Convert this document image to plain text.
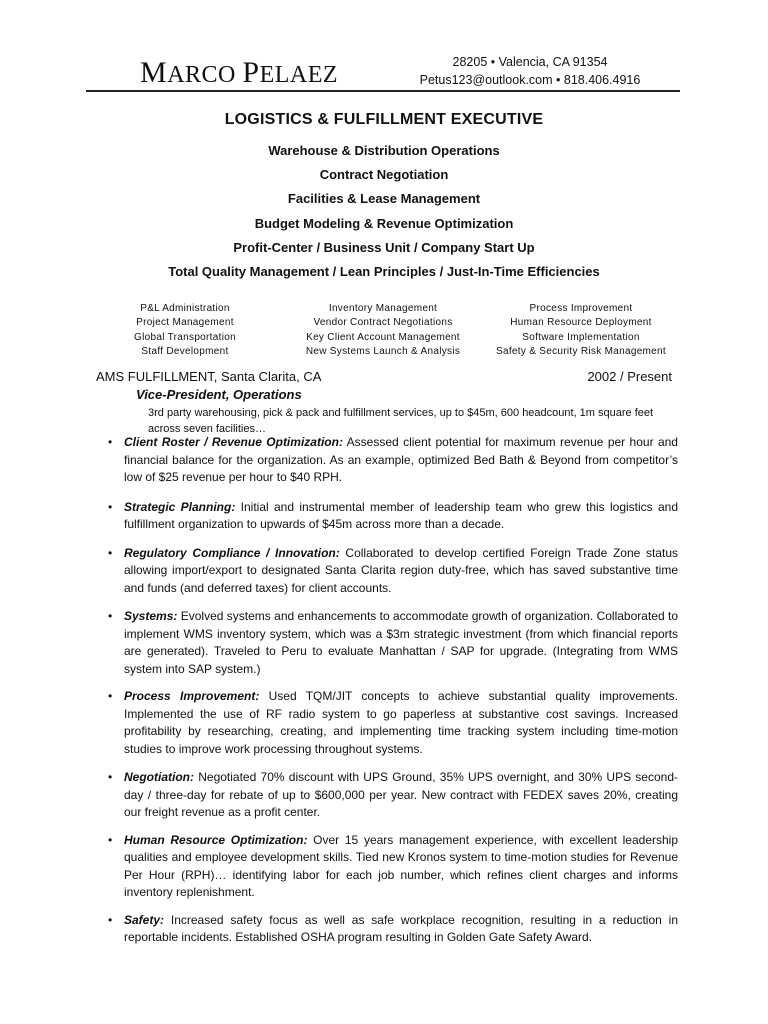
MARCO PELAEZ	28205 • Valencia, CA 91354
Petus123@outlook.com • 818.406.4916
LOGISTICS & FULFILLMENT EXECUTIVE
Warehouse & Distribution Operations
Contract Negotiation
Facilities & Lease Management
Budget Modeling & Revenue Optimization
Profit-Center / Business Unit / Company Start Up
Total Quality Management / Lean Principles / Just-In-Time Efficiencies
P&L Administration
Project Management
Global Transportation
Staff Development
Inventory Management
Vendor Contract Negotiations
Key Client Account Management
New Systems Launch & Analysis
Process Improvement
Human Resource Deployment
Software Implementation
Safety & Security Risk Management
AMS FULFILLMENT, Santa Clarita, CA	2002 / Present
Vice-President, Operations
3rd party warehousing, pick & pack and fulfillment services, up to $45m, 600 headcount, 1m square feet across seven facilities…
• Client Roster / Revenue Optimization: Assessed client potential for maximum revenue per hour and financial balance for the organization. As an example, optimized Bed Bath & Beyond from competitor’s low of $25 revenue per hour to $40 RPH.
• Strategic Planning: Initial and instrumental member of leadership team who grew this logistics and fulfillment organization to upwards of $45m across more than a decade.
• Regulatory Compliance / Innovation: Collaborated to develop certified Foreign Trade Zone status allowing import/export to designated Santa Clarita region duty-free, which has saved substantive time and funds (and deferred taxes) for client accounts.
• Systems: Evolved systems and enhancements to accommodate growth of organization. Collaborated to implement WMS inventory system, which was a $3m strategic investment (from which financial reports are generated). Traveled to Peru to evaluate Manhattan / SAP for upgrade. (Integrating from WMS system into SAP system.)
• Process Improvement: Used TQM/JIT concepts to achieve substantial quality improvements. Implemented the use of RF radio system to go paperless at substantive cost savings. Increased profitability by researching, creating, and implementing time tracking system including time-motion studies to improve work processing throughout systems.
• Negotiation: Negotiated 70% discount with UPS Ground, 35% UPS overnight, and 30% UPS second-day / three-day for rebate of up to $600,000 per year. New contract with FEDEX saves 20%, creating our freight revenue as a profit center.
• Human Resource Optimization: Over 15 years management experience, with excellent leadership qualities and employee development skills. Tied new Kronos system to time-motion studies for Revenue Per Hour (RPH)… identifying labor for each job number, which refines client charges and informs inventory replenishment.
• Safety: Increased safety focus as well as safe workplace recognition, resulting in a reduction in reportable incidents. Established OSHA program resulting in Golden Gate Safety Award.
